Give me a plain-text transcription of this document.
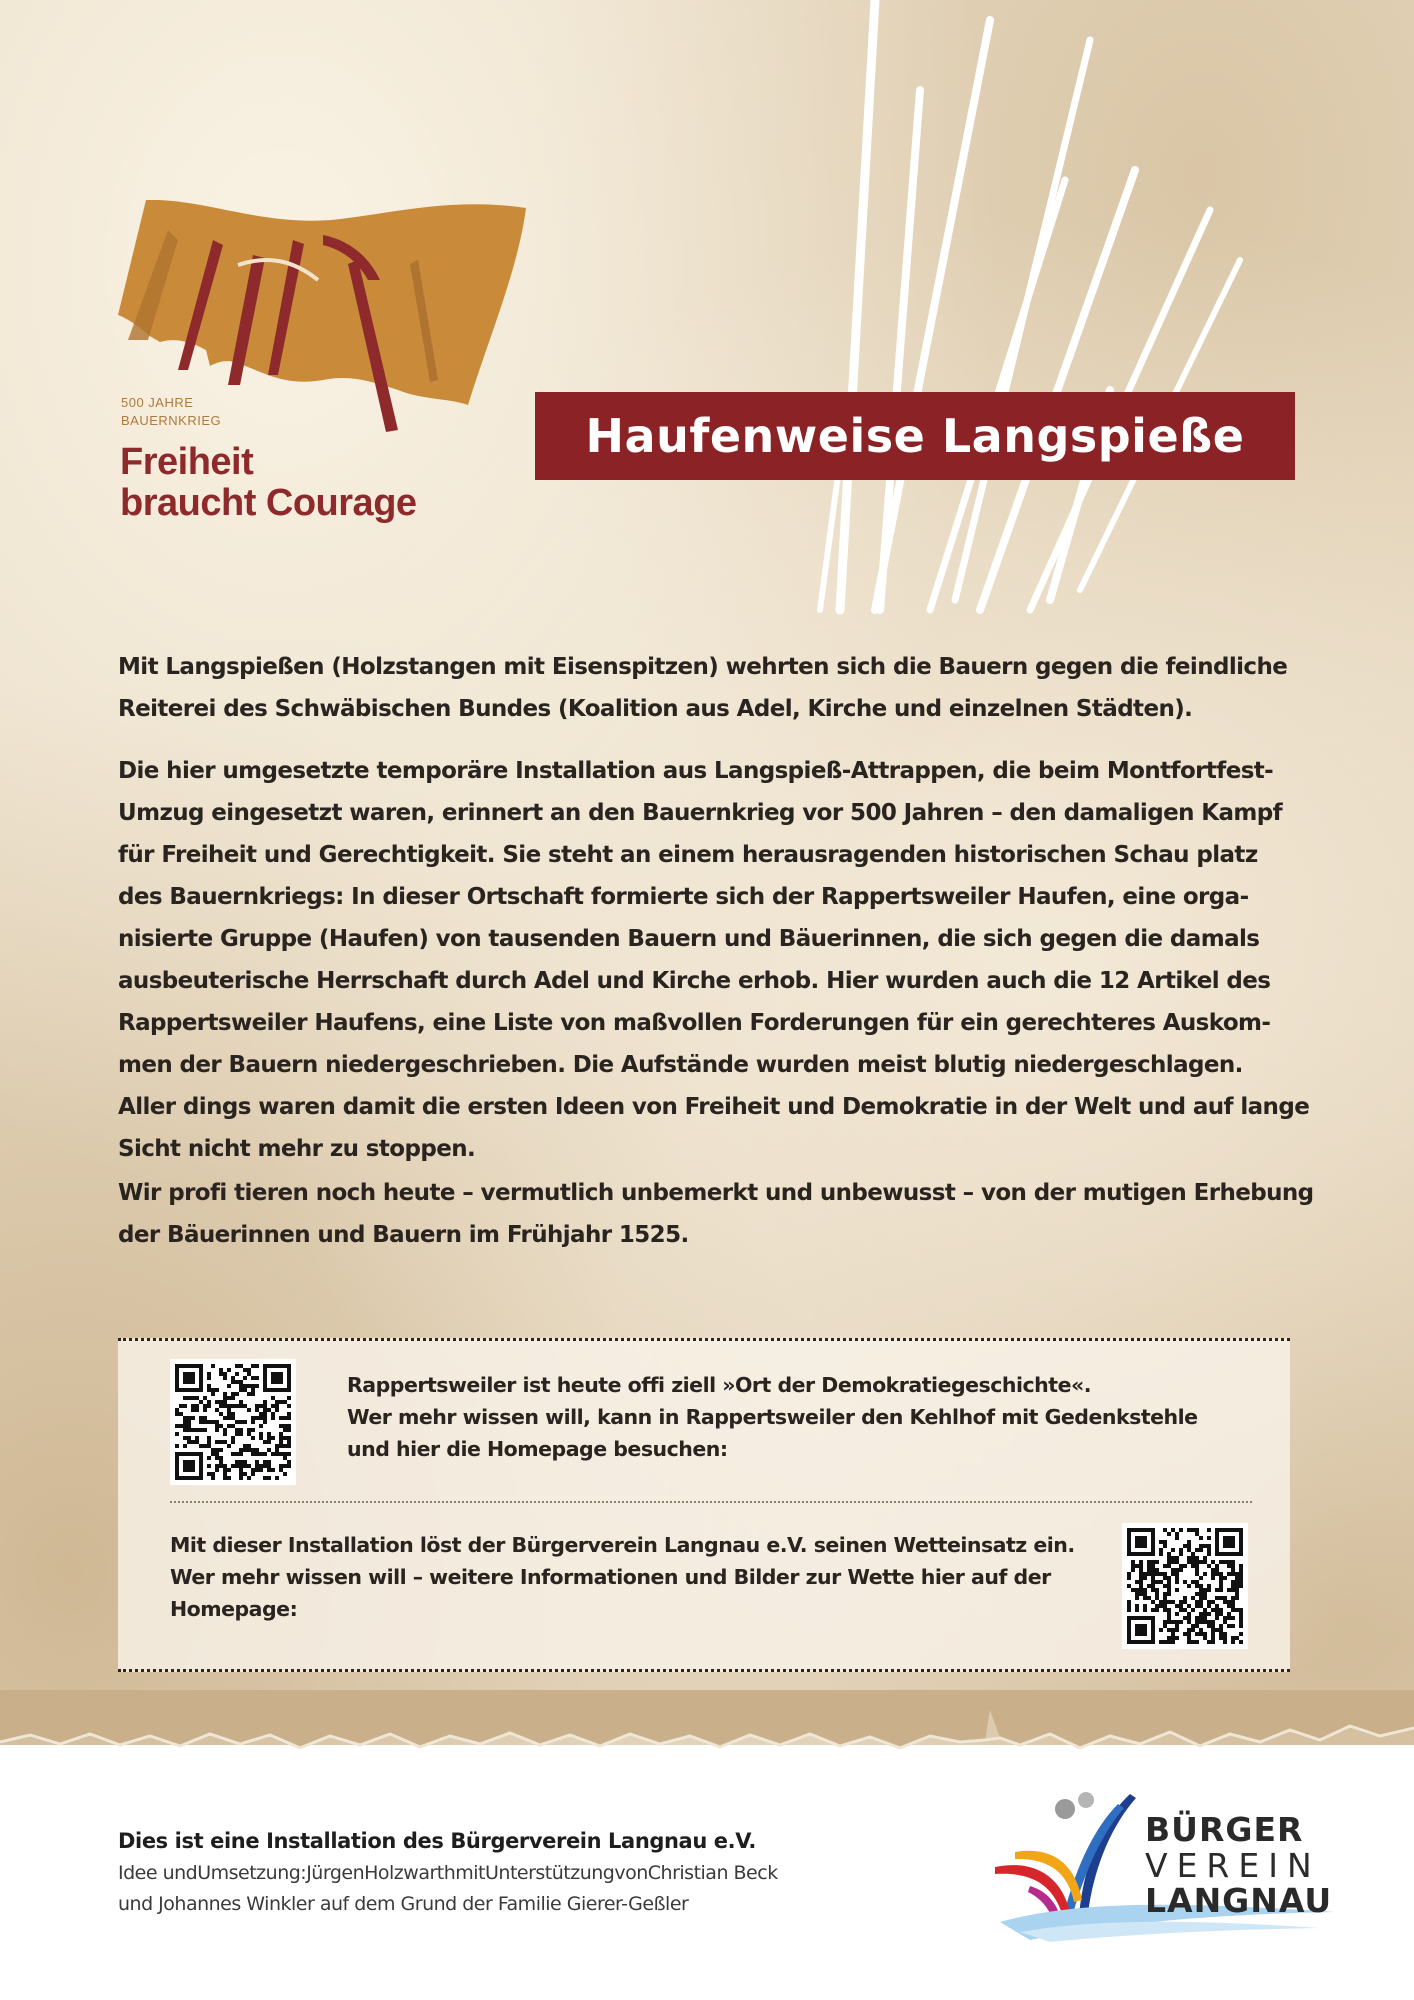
500 JAHRE
BAUERNKRIEG
Freiheit
braucht Courage
Haufenweise Langspieße
Mit Langspießen (Holzstangen mit Eisenspitzen) wehrten sich die Bauern gegen die feindliche
Reiterei des Schwäbischen Bundes (Koalition aus Adel, Kirche und einzelnen Städten).
Die hier umgesetzte temporäre Installation aus Langspieß-Attrappen, die beim Montfortfest-
Umzug eingesetzt waren, erinnert an den Bauernkrieg vor 500 Jahren – den damaligen Kampf
für Freiheit und Gerechtigkeit. Sie steht an einem herausragenden historischen Schau platz
des Bauernkriegs: In dieser Ortschaft formierte sich der Rappertsweiler Haufen, eine orga-
nisierte Gruppe (Haufen) von tausenden Bauern und Bäuerinnen, die sich gegen die damals
ausbeuterische Herrschaft durch Adel und Kirche erhob. Hier wurden auch die 12 Artikel des
Rappertsweiler Haufens, eine Liste von maßvollen Forderungen für ein gerechteres Auskom-
men der Bauern niedergeschrieben. Die Aufstände wurden meist blutig niedergeschlagen.
Aller dings waren damit die ersten Ideen von Freiheit und Demokratie in der Welt und auf lange
Sicht nicht mehr zu stoppen.
Wir profi tieren noch heute – vermutlich unbemerkt und unbewusst – von der mutigen Erhebung
der Bäuerinnen und Bauern im Frühjahr 1525.
Rappertsweiler ist heute offi ziell »Ort der Demokratiegeschichte«.
Wer mehr wissen will, kann in Rappertsweiler den Kehlhof mit Gedenkstehle
und hier die Homepage besuchen:
Mit dieser Installation löst der Bürgerverein Langnau e.V. seinen Wetteinsatz ein.
Wer mehr wissen will – weitere Informationen und Bilder zur Wette hier auf der
Homepage:
Dies ist eine Installation des Bürgerverein Langnau e.V.
Idee undUmsetzung:JürgenHolzwarthmitUnterstützungvonChristian Beck
und Johannes Winkler auf dem Grund der Familie Gierer-Geßler
BÜRGER
VEREIN
LANGNAU
